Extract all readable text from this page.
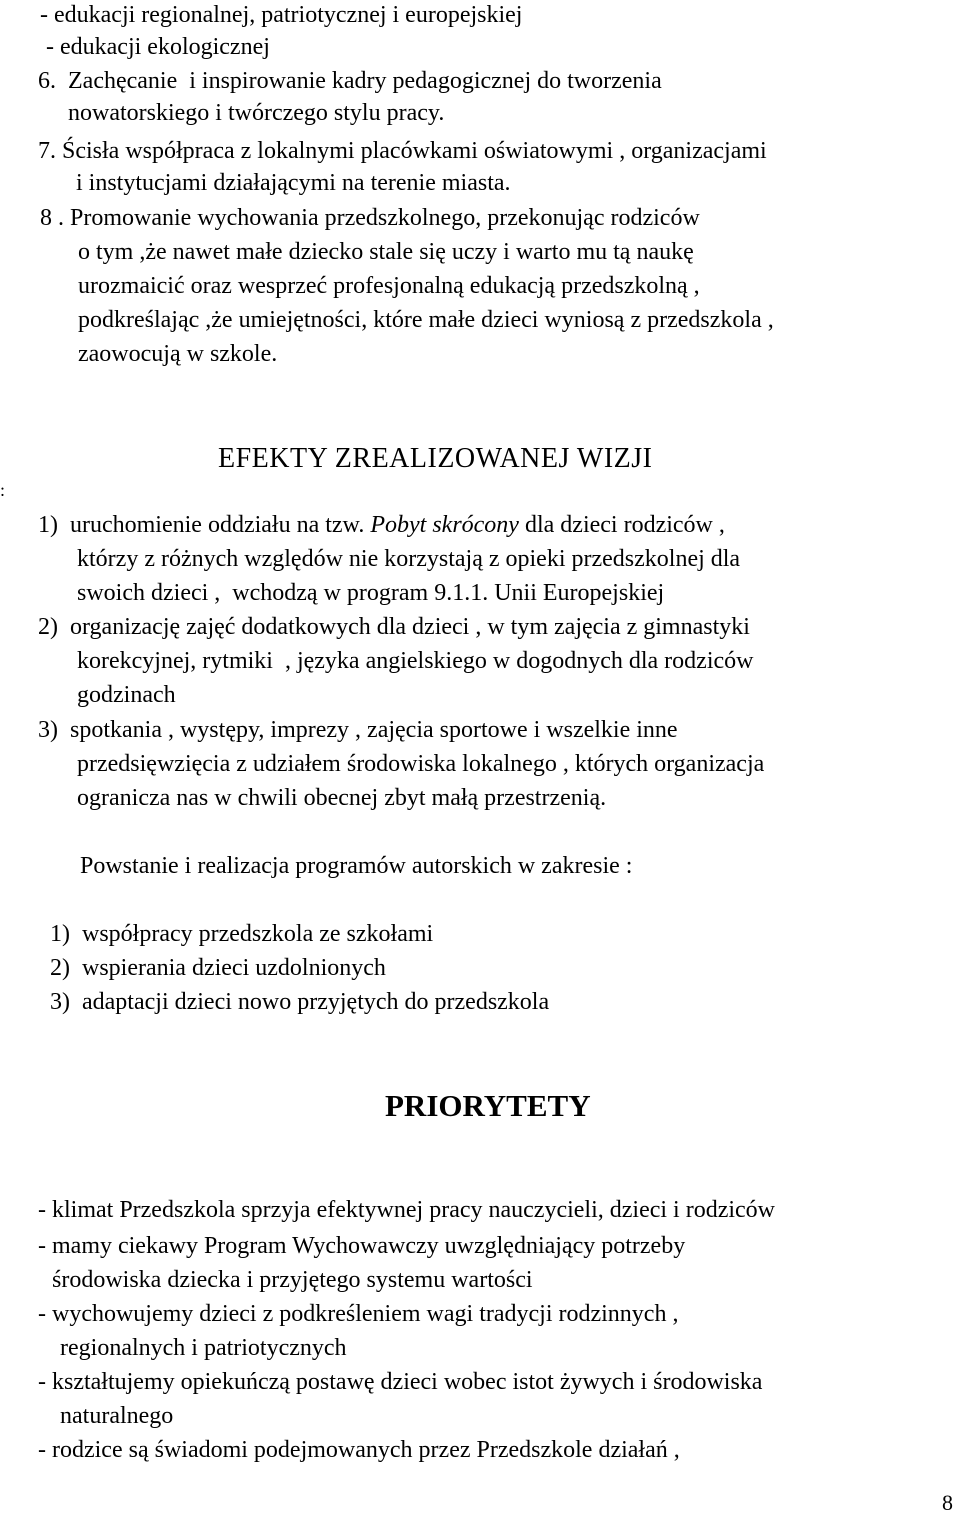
- edukacji regionalnej, patriotycznej i europejskiej

- edukacji ekologicznej

6.  Zachęcanie  i inspirowanie kadry pedagogicznej do tworzenia

nowatorskiego i twórczego stylu pracy.

7. Ścisła współpraca z lokalnymi placówkami oświatowymi , organizacjami

i instytucjami działającymi na terenie miasta.

8 . Promowanie wychowania przedszkolnego, przekonując rodziców

o tym ,że nawet małe dziecko stale się uczy i warto mu tą naukę

urozmaicić oraz wesprzeć profesjonalną edukacją przedszkolną ,

podkreślając ,że umiejętności, które małe dzieci wyniosą z przedszkola ,

zaowocują w szkole.

:

EFEKTY ZREALIZOWANEJ WIZJI

1)  uruchomienie oddziału na tzw. Pobyt skrócony dla dzieci rodziców ,

którzy z różnych względów nie korzystają z opieki przedszkolnej dla

swoich dzieci ,  wchodzą w program 9.1.1. Unii Europejskiej

2)  organizację zajęć dodatkowych dla dzieci , w tym zajęcia z gimnastyki

korekcyjnej, rytmiki  , języka angielskiego w dogodnych dla rodziców

godzinach

3)  spotkania , występy, imprezy , zajęcia sportowe i wszelkie inne

przedsięwzięcia z udziałem środowiska lokalnego , których organizacja

ogranicza nas w chwili obecnej zbyt małą przestrzenią.

Powstanie i realizacja programów autorskich w zakresie :

1)  współpracy przedszkola ze szkołami

2)  wspierania dzieci uzdolnionych

3)  adaptacji dzieci nowo przyjętych do przedszkola

PRIORYTETY

- klimat Przedszkola sprzyja efektywnej pracy nauczycieli, dzieci i rodziców

- mamy ciekawy Program Wychowawczy uwzględniający potrzeby

środowiska dziecka i przyjętego systemu wartości

- wychowujemy dzieci z podkreśleniem wagi tradycji rodzinnych ,

regionalnych i patriotycznych

- kształtujemy opiekuńczą postawę dzieci wobec istot żywych i środowiska

naturalnego

- rodzice są świadomi podejmowanych przez Przedszkole działań ,

8
